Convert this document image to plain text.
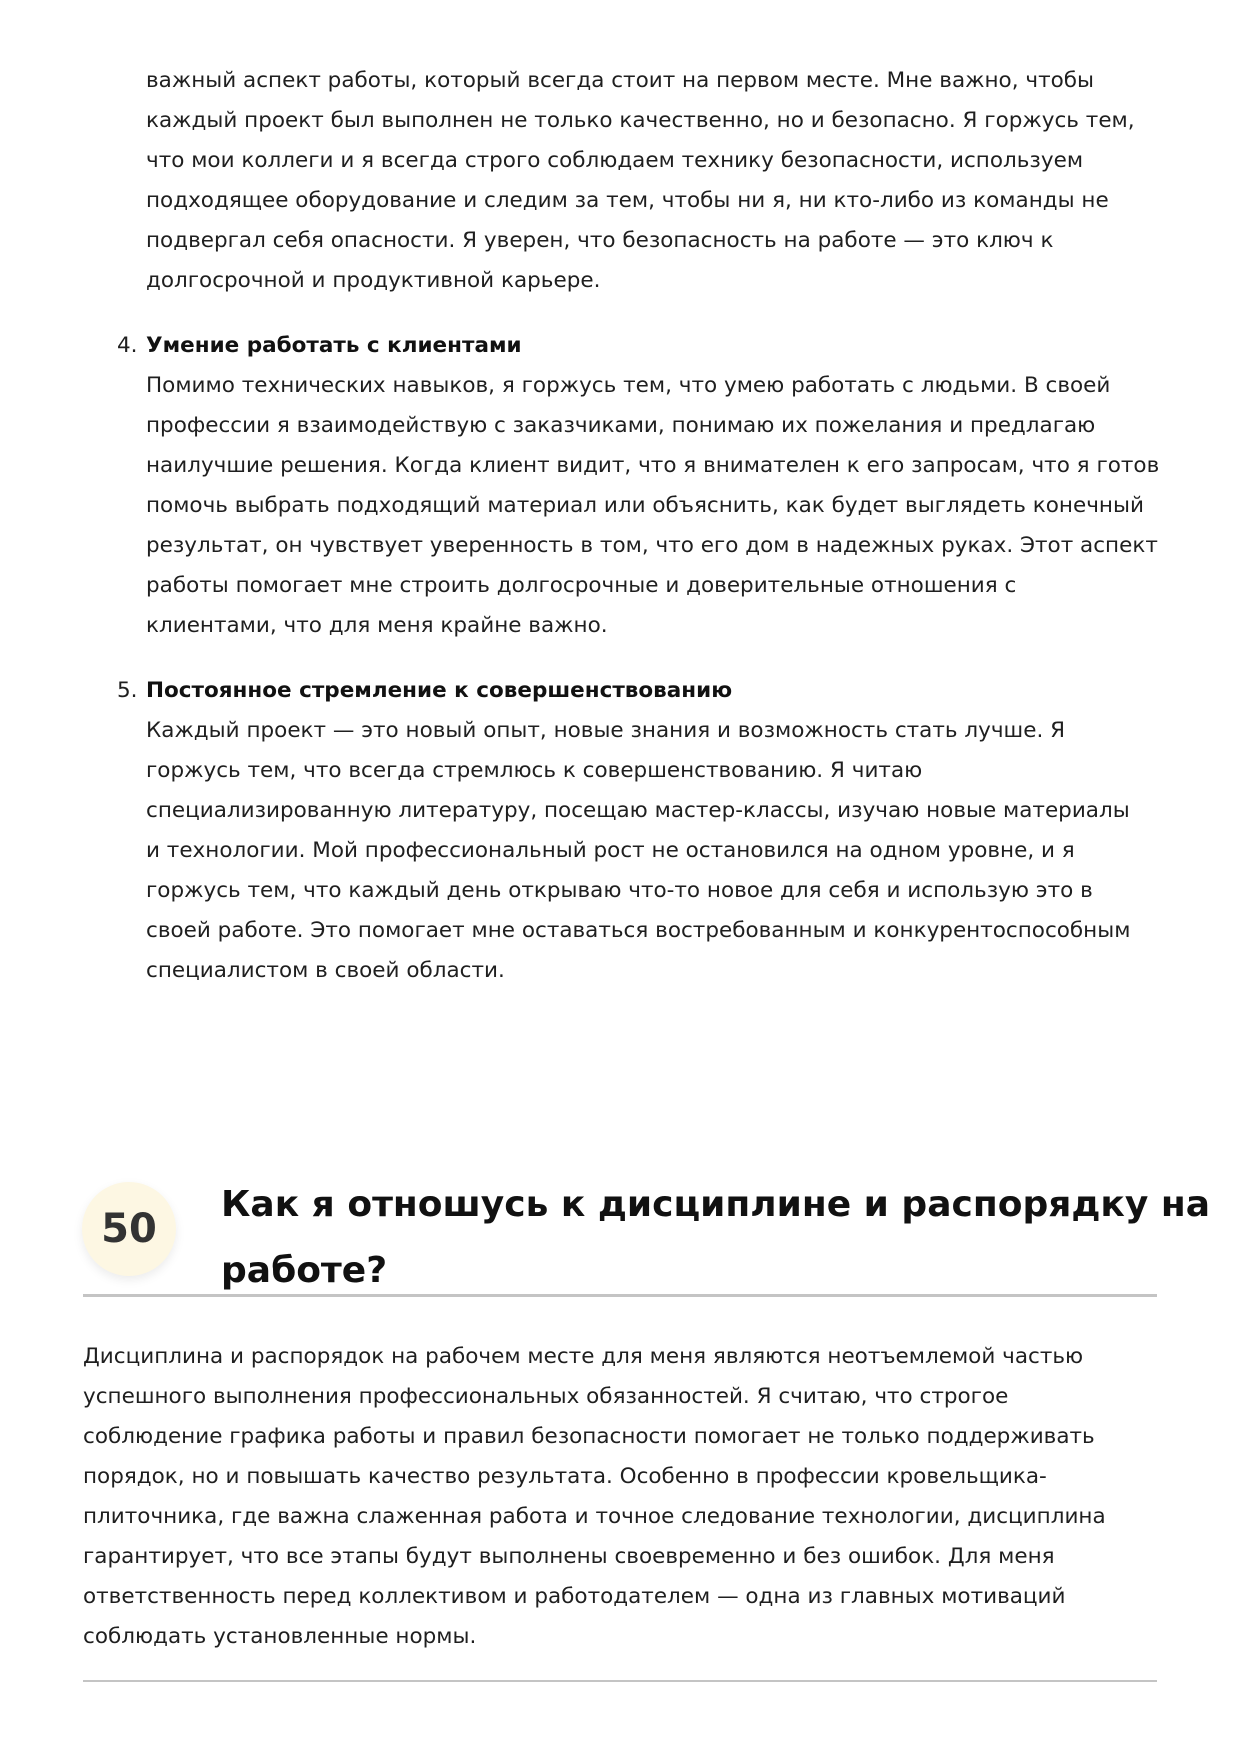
важный аспект работы, который всегда стоит на первом месте. Мне важно, чтобы
каждый проект был выполнен не только качественно, но и безопасно. Я горжусь тем,
что мои коллеги и я всегда строго соблюдаем технику безопасности, используем
подходящее оборудование и следим за тем, чтобы ни я, ни кто-либо из команды не
подвергал себя опасности. Я уверен, что безопасность на работе — это ключ к
долгосрочной и продуктивной карьере.
4. Умение работать с клиентами
Помимо технических навыков, я горжусь тем, что умею работать с людьми. В своей
профессии я взаимодействую с заказчиками, понимаю их пожелания и предлагаю
наилучшие решения. Когда клиент видит, что я внимателен к его запросам, что я готов
помочь выбрать подходящий материал или объяснить, как будет выглядеть конечный
результат, он чувствует уверенность в том, что его дом в надежных руках. Этот аспект
работы помогает мне строить долгосрочные и доверительные отношения с
клиентами, что для меня крайне важно.
5. Постоянное стремление к совершенствованию
Каждый проект — это новый опыт, новые знания и возможность стать лучше. Я
горжусь тем, что всегда стремлюсь к совершенствованию. Я читаю
специализированную литературу, посещаю мастер-классы, изучаю новые материалы
и технологии. Мой профессиональный рост не остановился на одном уровне, и я
горжусь тем, что каждый день открываю что-то новое для себя и использую это в
своей работе. Это помогает мне оставаться востребованным и конкурентоспособным
специалистом в своей области.
50
Как я отношусь к дисциплине и распорядку на
работе?
Дисциплина и распорядок на рабочем месте для меня являются неотъемлемой частью
успешного выполнения профессиональных обязанностей. Я считаю, что строгое
соблюдение графика работы и правил безопасности помогает не только поддерживать
порядок, но и повышать качество результата. Особенно в профессии кровельщика-
плиточника, где важна слаженная работа и точное следование технологии, дисциплина
гарантирует, что все этапы будут выполнены своевременно и без ошибок. Для меня
ответственность перед коллективом и работодателем — одна из главных мотиваций
соблюдать установленные нормы.
